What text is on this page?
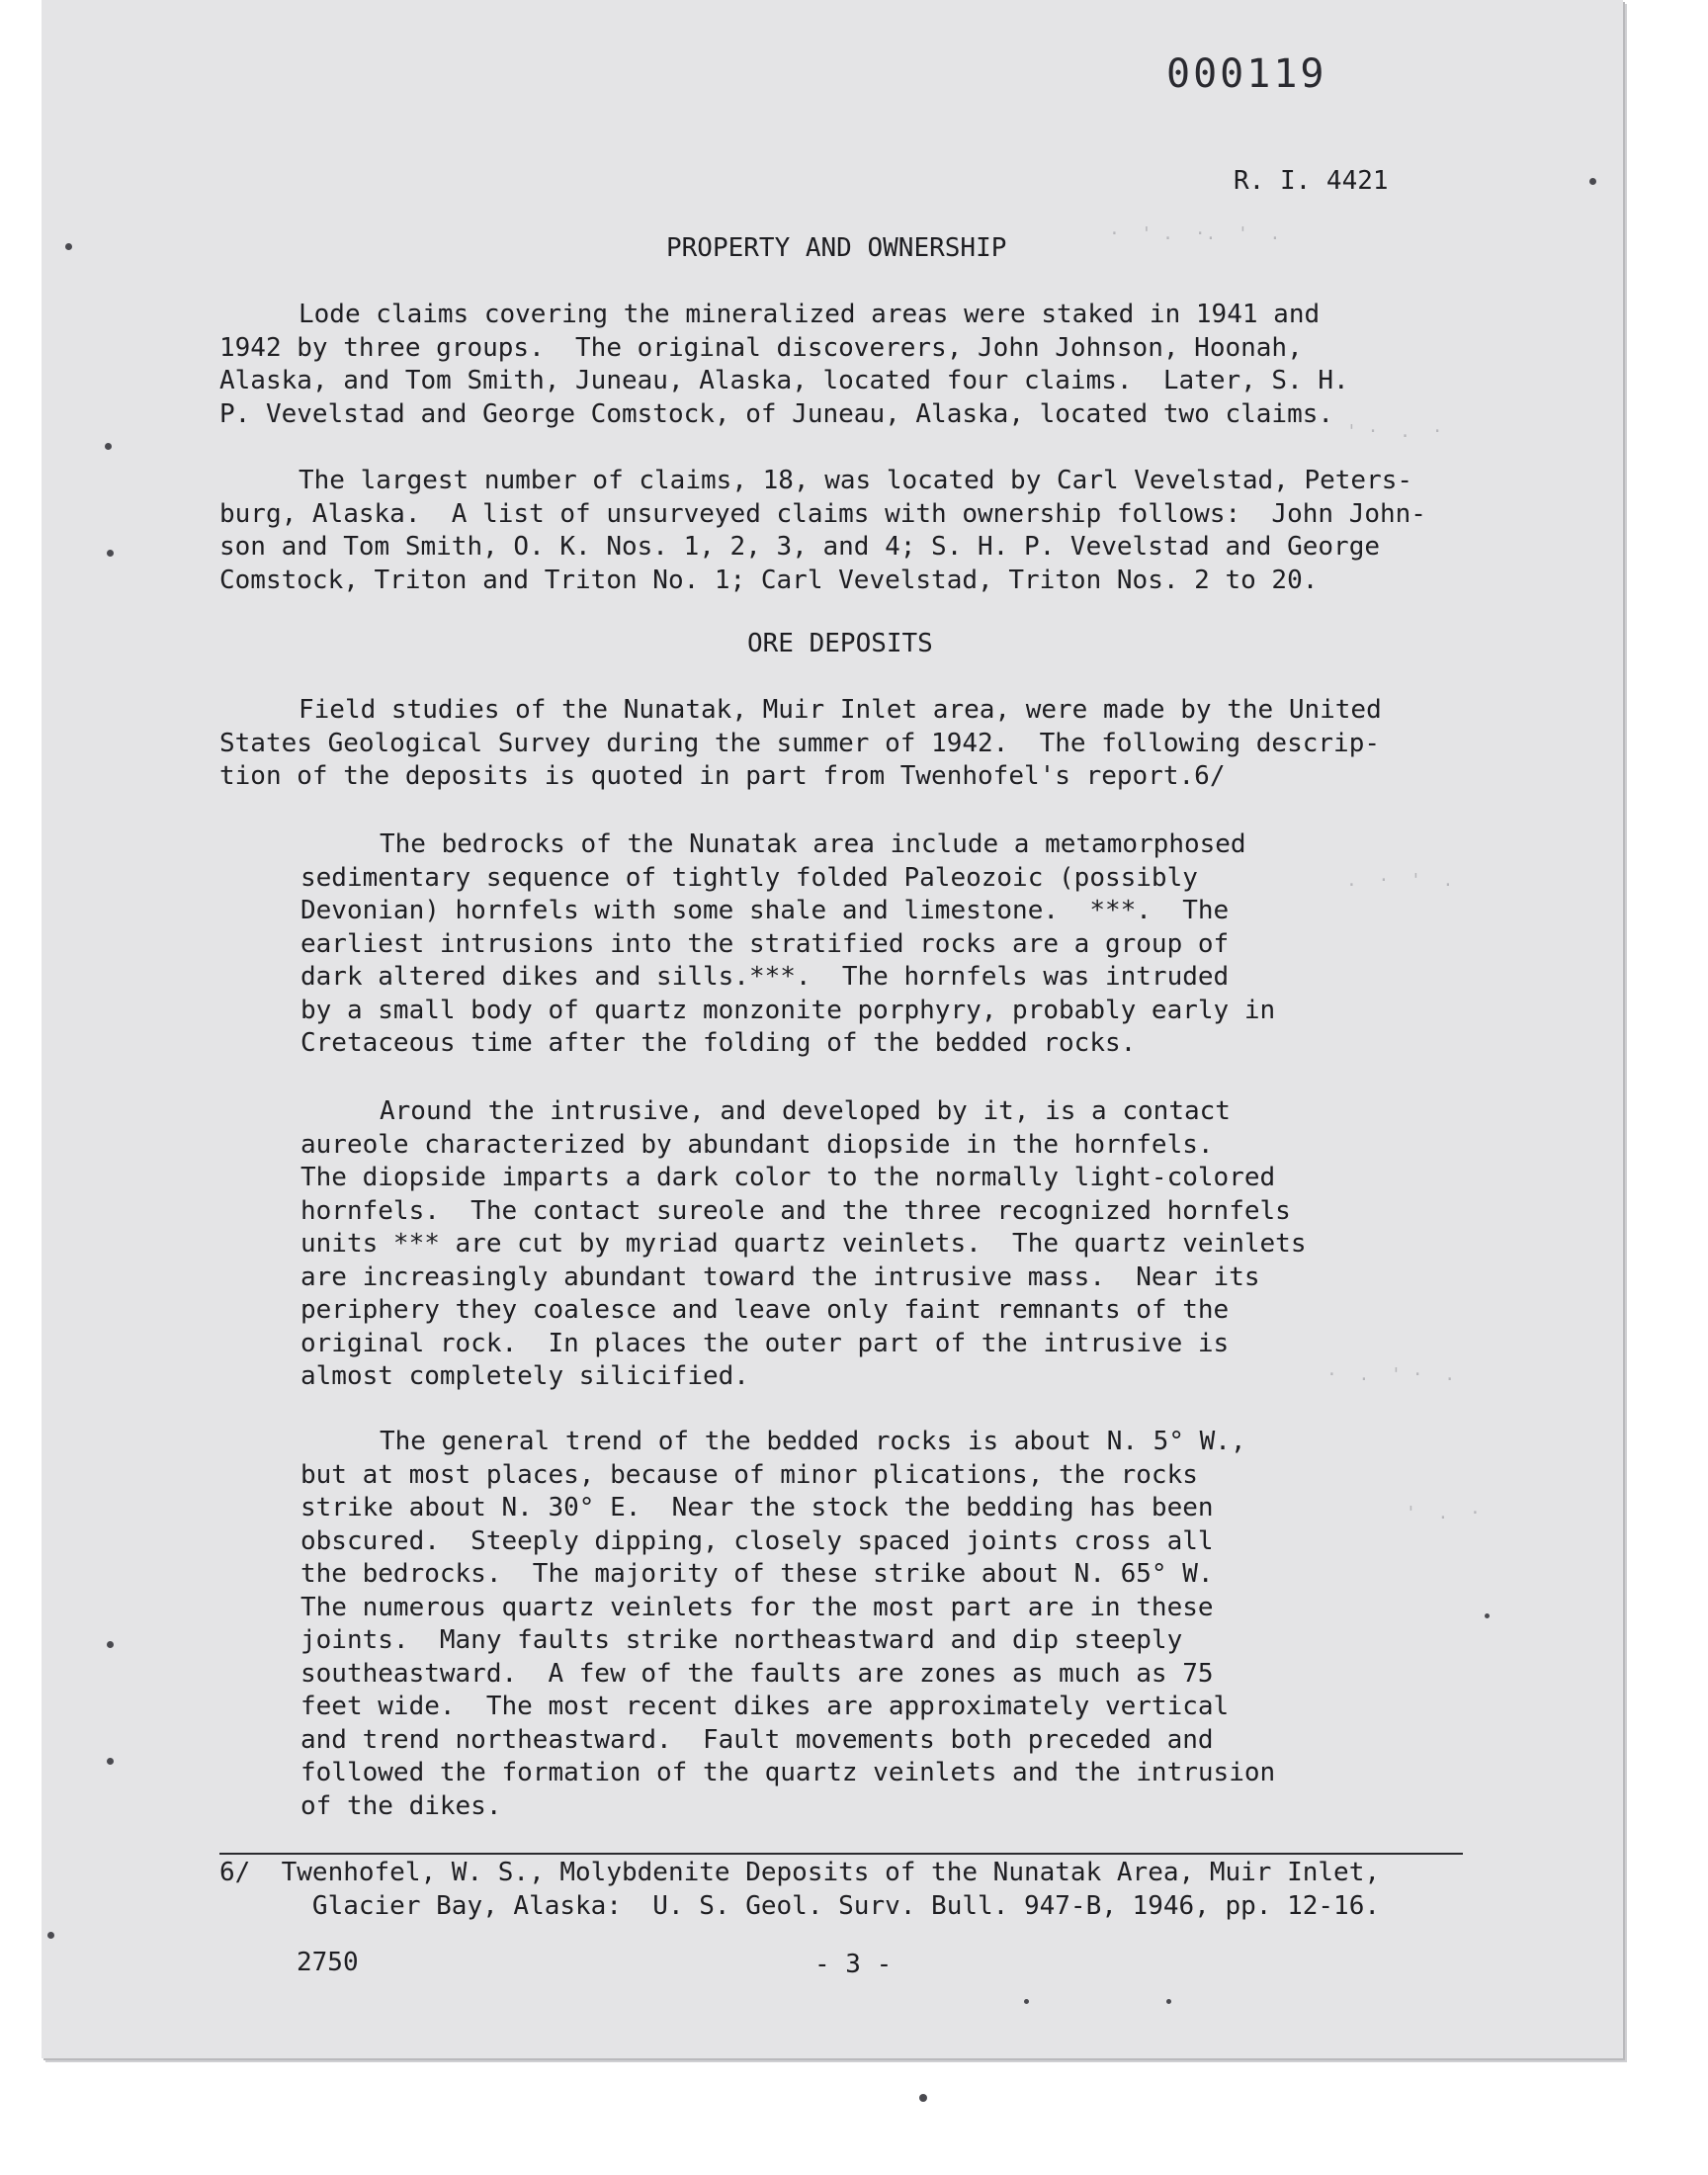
000119
R. I. 4421
PROPERTY AND OWNERSHIP

Lode claims covering the mineralized areas were staked in 1941 and
1942 by three groups.  The original discoverers, John Johnson, Hoonah,
Alaska, and Tom Smith, Juneau, Alaska, located four claims.  Later, S. H.
P. Vevelstad and George Comstock, of Juneau, Alaska, located two claims.

The largest number of claims, 18, was located by Carl Vevelstad, Peters-
burg, Alaska.  A list of unsurveyed claims with ownership follows:  John John-
son and Tom Smith, O. K. Nos. 1, 2, 3, and 4; S. H. P. Vevelstad and George
Comstock, Triton and Triton No. 1; Carl Vevelstad, Triton Nos. 2 to 20.

ORE DEPOSITS

Field studies of the Nunatak, Muir Inlet area, were made by the United
States Geological Survey during the summer of 1942.  The following descrip-
tion of the deposits is quoted in part from Twenhofel's report.6/

The bedrocks of the Nunatak area include a metamorphosed
sedimentary sequence of tightly folded Paleozoic (possibly
Devonian) hornfels with some shale and limestone.  ***.  The
earliest intrusions into the stratified rocks are a group of
dark altered dikes and sills.***.  The hornfels was intruded
by a small body of quartz monzonite porphyry, probably early in
Cretaceous time after the folding of the bedded rocks.

Around the intrusive, and developed by it, is a contact
aureole characterized by abundant diopside in the hornfels.
The diopside imparts a dark color to the normally light-colored
hornfels.  The contact sureole and the three recognized hornfels
units *** are cut by myriad quartz veinlets.  The quartz veinlets
are increasingly abundant toward the intrusive mass.  Near its
periphery they coalesce and leave only faint remnants of the
original rock.  In places the outer part of the intrusive is
almost completely silicified.

The general trend of the bedded rocks is about N. 5° W.,
but at most places, because of minor plications, the rocks
strike about N. 30° E.  Near the stock the bedding has been
obscured.  Steeply dipping, closely spaced joints cross all
the bedrocks.  The majority of these strike about N. 65° W.
The numerous quartz veinlets for the most part are in these
joints.  Many faults strike northeastward and dip steeply
southeastward.  A few of the faults are zones as much as 75
feet wide.  The most recent dikes are approximately vertical
and trend northeastward.  Fault movements both preceded and
followed the formation of the quartz veinlets and the intrusion
of the dikes.

6/  Twenhofel, W. S., Molybdenite Deposits of the Nunatak Area, Muir Inlet,
Glacier Bay, Alaska:  U. S. Geol. Surv. Bull. 947-B, 1946, pp. 12-16.

2750	- 3 -
·  ' .  ·.  '  .
' ·  .  ·
.  ·  '  .
·  .  ' ·  .
'  .  ·
